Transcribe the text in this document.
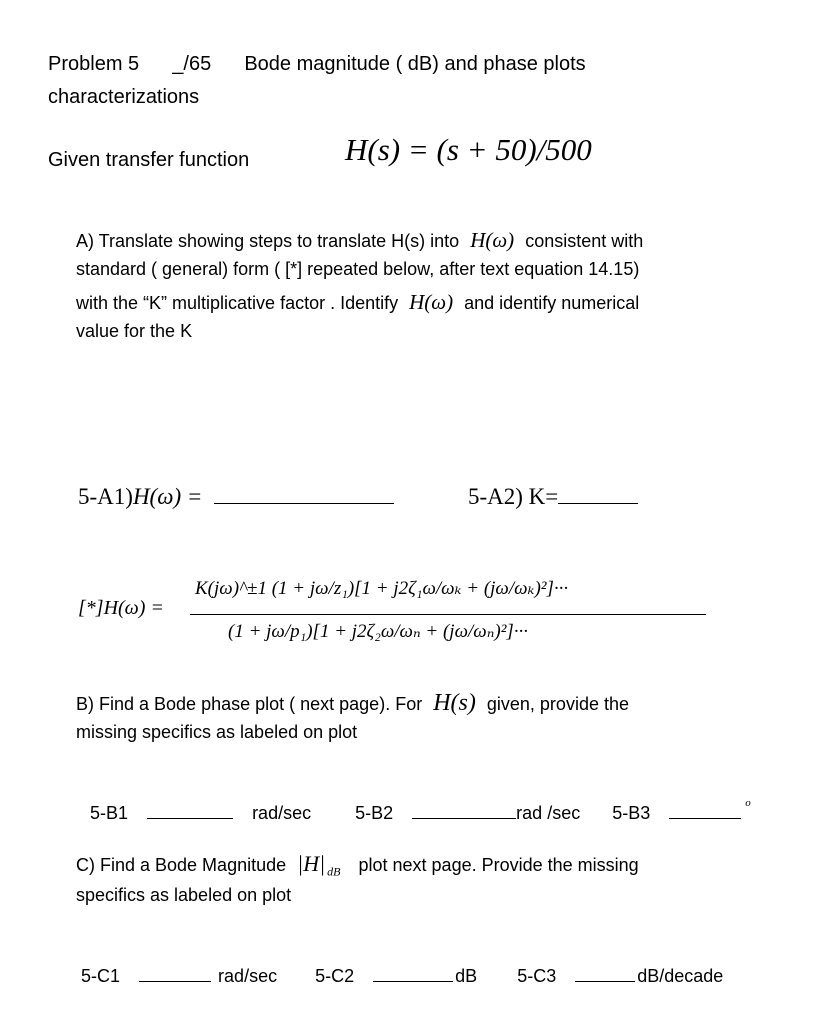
Problem 5 _/65 Bode magnitude ( dB) and phase plots
characterizations
Given transfer function	H(s) = (s + 50)/500
A) Translate showing steps to translate H(s) into H(ω) consistent with
standard ( general) form ( [*] repeated below, after text equation 14.15)
with the “K” multiplicative factor . Identify H(ω) and identify numerical
value for the K
5-A1)H(ω) =	5-A2) K=
[*]H(ω) =
K(jω)^±1 (1 + jω/z₁)[1 + j2ζ₁ω/ωₖ + (jω/ωₖ)²]···
(1 + jω/p₁)[1 + j2ζ₂ω/ωₙ + (jω/ωₙ)²]···
B) Find a Bode phase plot ( next page). For H(s) given, provide the
missing specifics as labeled on plot
5-B1	rad/sec 5-B2	rad /sec 5-B3	$^o$
C) Find a Bode Magnitude |H| $_{dB}$ plot next page. Provide the missing
specifics as labeled on plot
5-C1	rad/sec 5-C2	dB 5-C3	dB/decade
